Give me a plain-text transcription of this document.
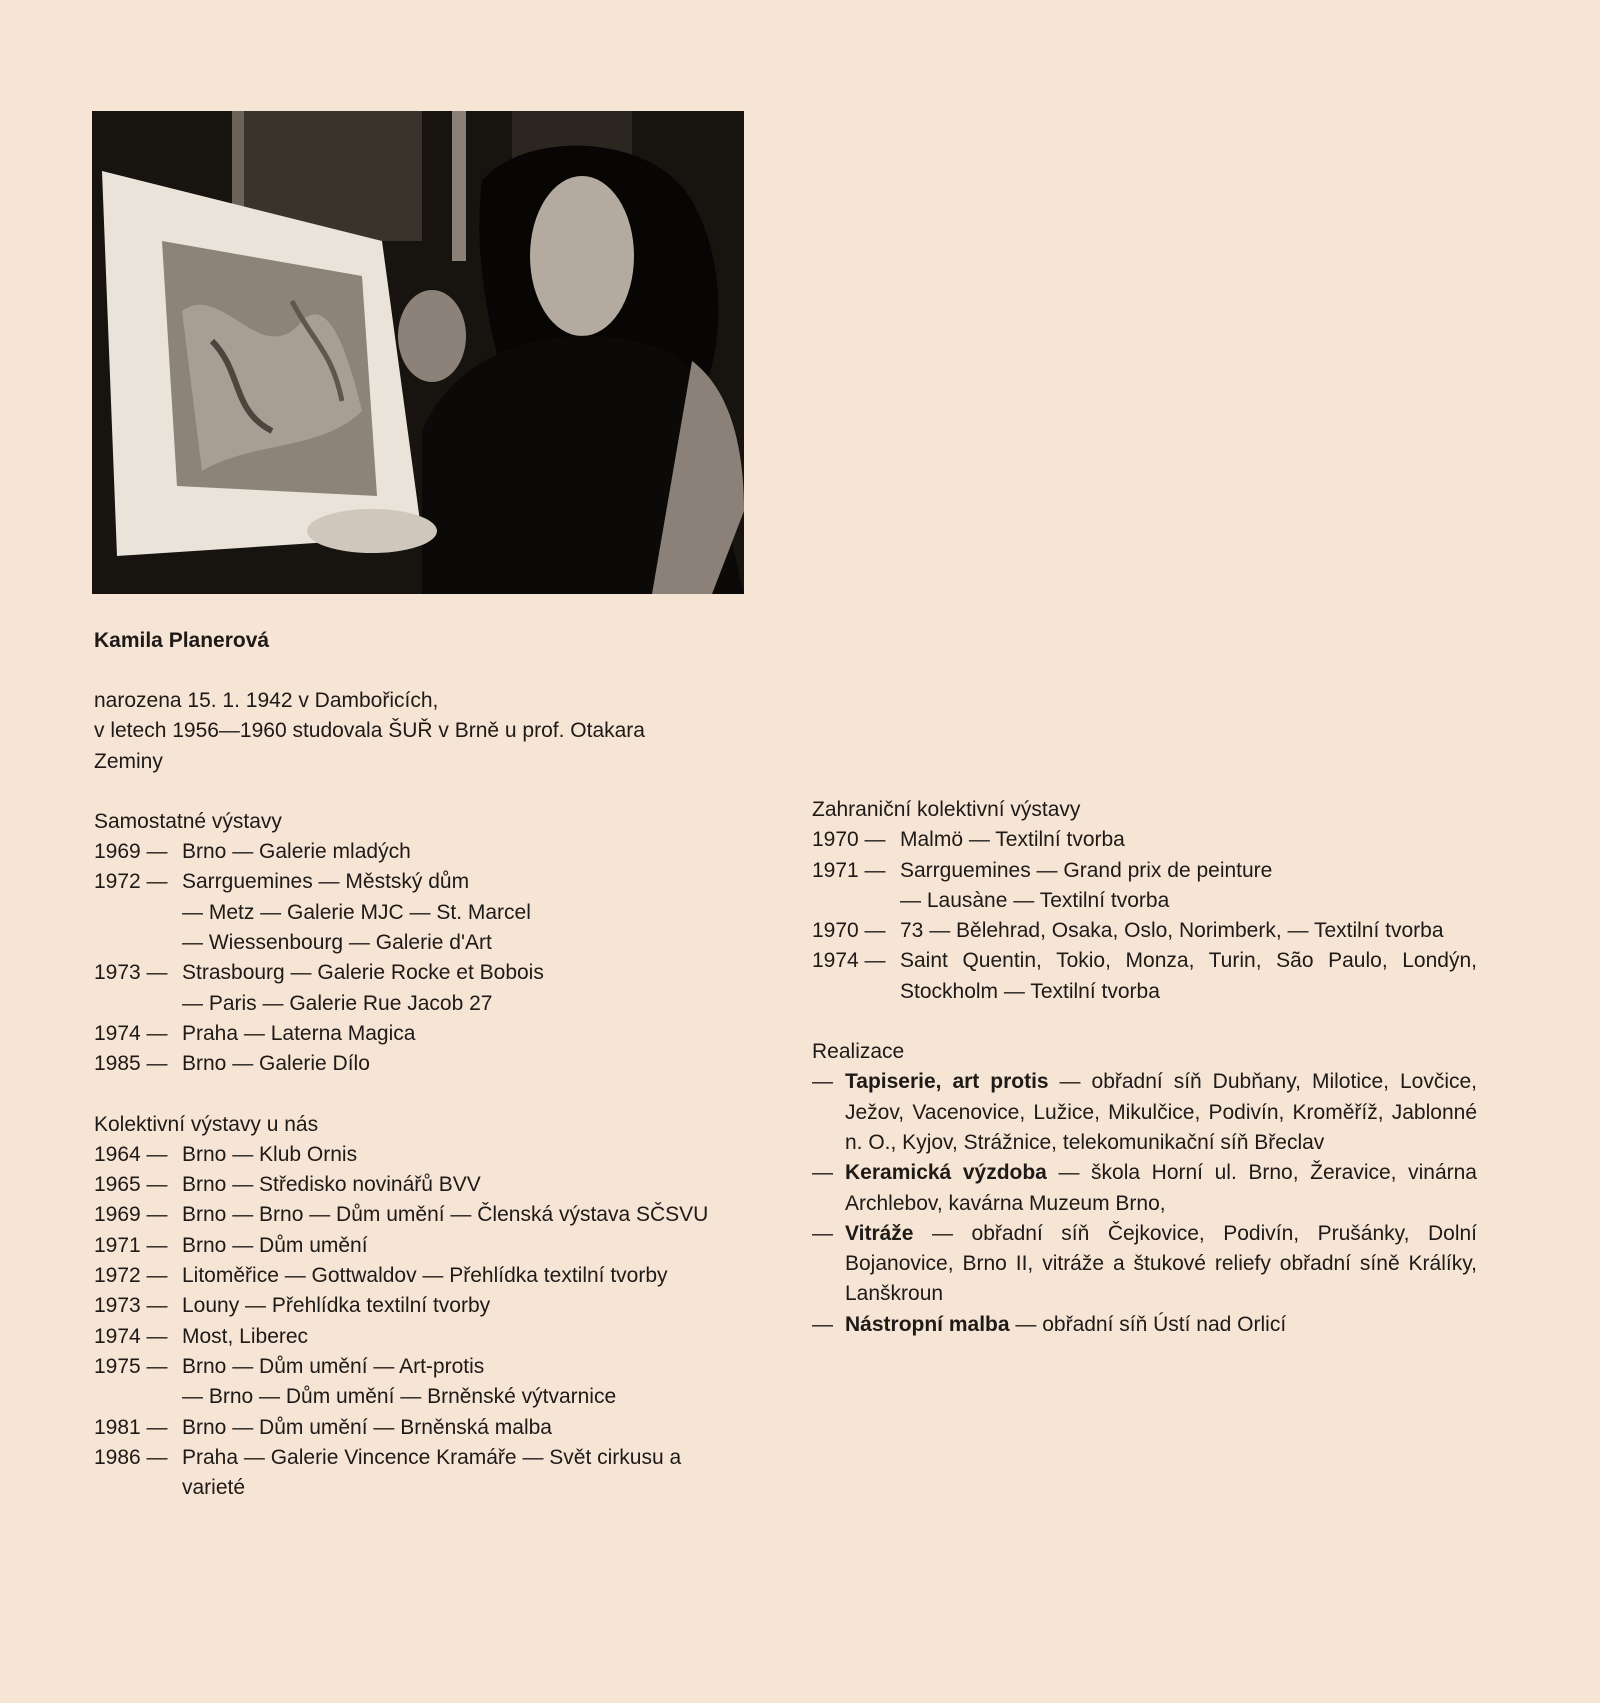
Kamila Planerová
narozena 15. 1. 1942 v Dambořicích,
v letech 1956—1960 studovala ŠUŘ v Brně u prof. Otakara
Zeminy
Samostatné výstavy
1969 — Brno — Galerie mladých
1972 — Sarrguemines — Městský dům
— Metz — Galerie MJC — St. Marcel
— Wiessenbourg — Galerie d'Art
1973 — Strasbourg — Galerie Rocke et Bobois
— Paris — Galerie Rue Jacob 27
1974 — Praha — Laterna Magica
1985 — Brno — Galerie Dílo
Kolektivní výstavy u nás
1964 — Brno — Klub Ornis
1965 — Brno — Středisko novinářů BVV
1969 — Brno — Brno — Dům umění — Členská výstava SČSVU
1971 — Brno — Dům umění
1972 — Litoměřice — Gottwaldov — Přehlídka textilní tvorby
1973 — Louny — Přehlídka textilní tvorby
1974 — Most, Liberec
1975 — Brno — Dům umění — Art-protis
— Brno — Dům umění — Brněnské výtvarnice
1981 — Brno — Dům umění — Brněnská malba
1986 — Praha — Galerie Vincence Kramáře — Svět cirkusu a varieté
Zahraniční kolektivní výstavy
1970 — Malmö — Textilní tvorba
1971 — Sarrguemines — Grand prix de peinture
— Lausàne — Textilní tvorba
1970 — 73 — Bělehrad, Osaka, Oslo, Norimberk, — Textilní tvorba
1974 — Saint Quentin, Tokio, Monza, Turin, São Paulo, Londýn, Stockholm — Textilní tvorba
Realizace
— Tapiserie, art protis — obřadní síň Dubňany, Milotice, Lovčice, Ježov, Vacenovice, Lužice, Mikulčice, Podivín, Kroměříž, Jablonné n. O., Kyjov, Strážnice, telekomunikační síň Břeclav
— Keramická výzdoba — škola Horní ul. Brno, Žeravice, vinárna Archlebov, kavárna Muzeum Brno,
— Vitráže — obřadní síň Čejkovice, Podivín, Prušánky, Dolní Bojanovice, Brno II, vitráže a štukové reliefy obřadní síně Králíky, Lanškroun
— Nástropní malba — obřadní síň Ústí nad Orlicí
